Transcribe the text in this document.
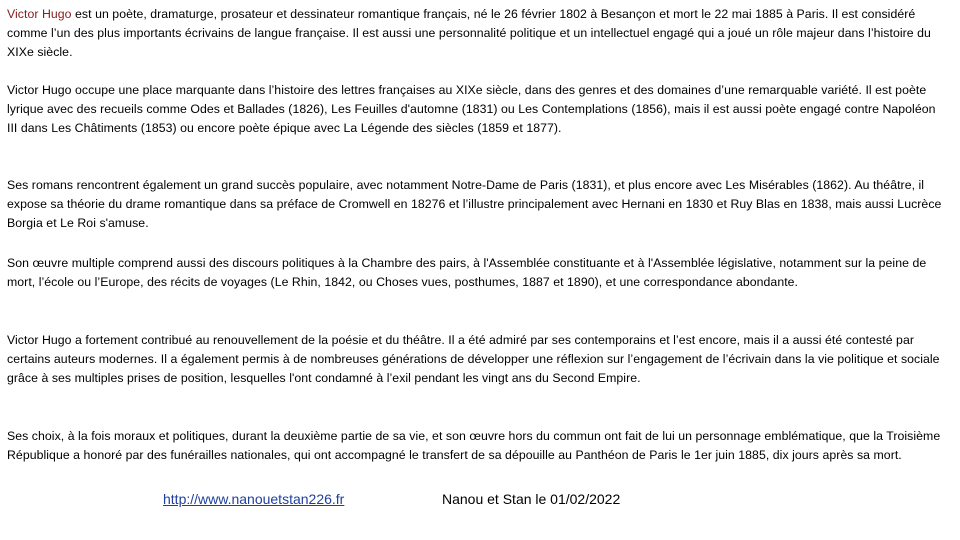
Victor Hugo est un poète, dramaturge, prosateur et dessinateur romantique français, né le 26 février 1802 à Besançon et mort le 22 mai 1885 à Paris. Il est considéré comme l’un des plus importants écrivains de langue française. Il est aussi une personnalité politique et un intellectuel engagé qui a joué un rôle majeur dans l’histoire du XIXe siècle.

Victor Hugo occupe une place marquante dans l’histoire des lettres françaises au XIXe siècle, dans des genres et des domaines d’une remarquable variété. Il est poète lyrique avec des recueils comme Odes et Ballades (1826), Les Feuilles d'automne (1831) ou Les Contemplations (1856), mais il est aussi poète engagé contre Napoléon III dans Les Châtiments (1853) ou encore poète épique avec La Légende des siècles (1859 et 1877).

Ses romans rencontrent également un grand succès populaire, avec notamment Notre-Dame de Paris (1831), et plus encore avec Les Misérables (1862). Au théâtre, il expose sa théorie du drame romantique dans sa préface de Cromwell en 18276 et l’illustre principalement avec Hernani en 1830 et Ruy Blas en 1838, mais aussi Lucrèce Borgia et Le Roi s'amuse.

Son œuvre multiple comprend aussi des discours politiques à la Chambre des pairs, à l'Assemblée constituante et à l'Assemblée législative, notamment sur la peine de mort, l’école ou l’Europe, des récits de voyages (Le Rhin, 1842, ou Choses vues, posthumes, 1887 et 1890), et une correspondance abondante.

Victor Hugo a fortement contribué au renouvellement de la poésie et du théâtre. Il a été admiré par ses contemporains et l’est encore, mais il a aussi été contesté par certains auteurs modernes. Il a également permis à de nombreuses générations de développer une réflexion sur l’engagement de l’écrivain dans la vie politique et sociale grâce à ses multiples prises de position, lesquelles l'ont condamné à l’exil pendant les vingt ans du Second Empire.

Ses choix, à la fois moraux et politiques, durant la deuxième partie de sa vie, et son œuvre hors du commun ont fait de lui un personnage emblématique, que la Troisième République a honoré par des funérailles nationales, qui ont accompagné le transfert de sa dépouille au Panthéon de Paris le 1er juin 1885, dix jours après sa mort.

http://www.nanouetstan226.fr	Nanou et Stan le 01/02/2022
